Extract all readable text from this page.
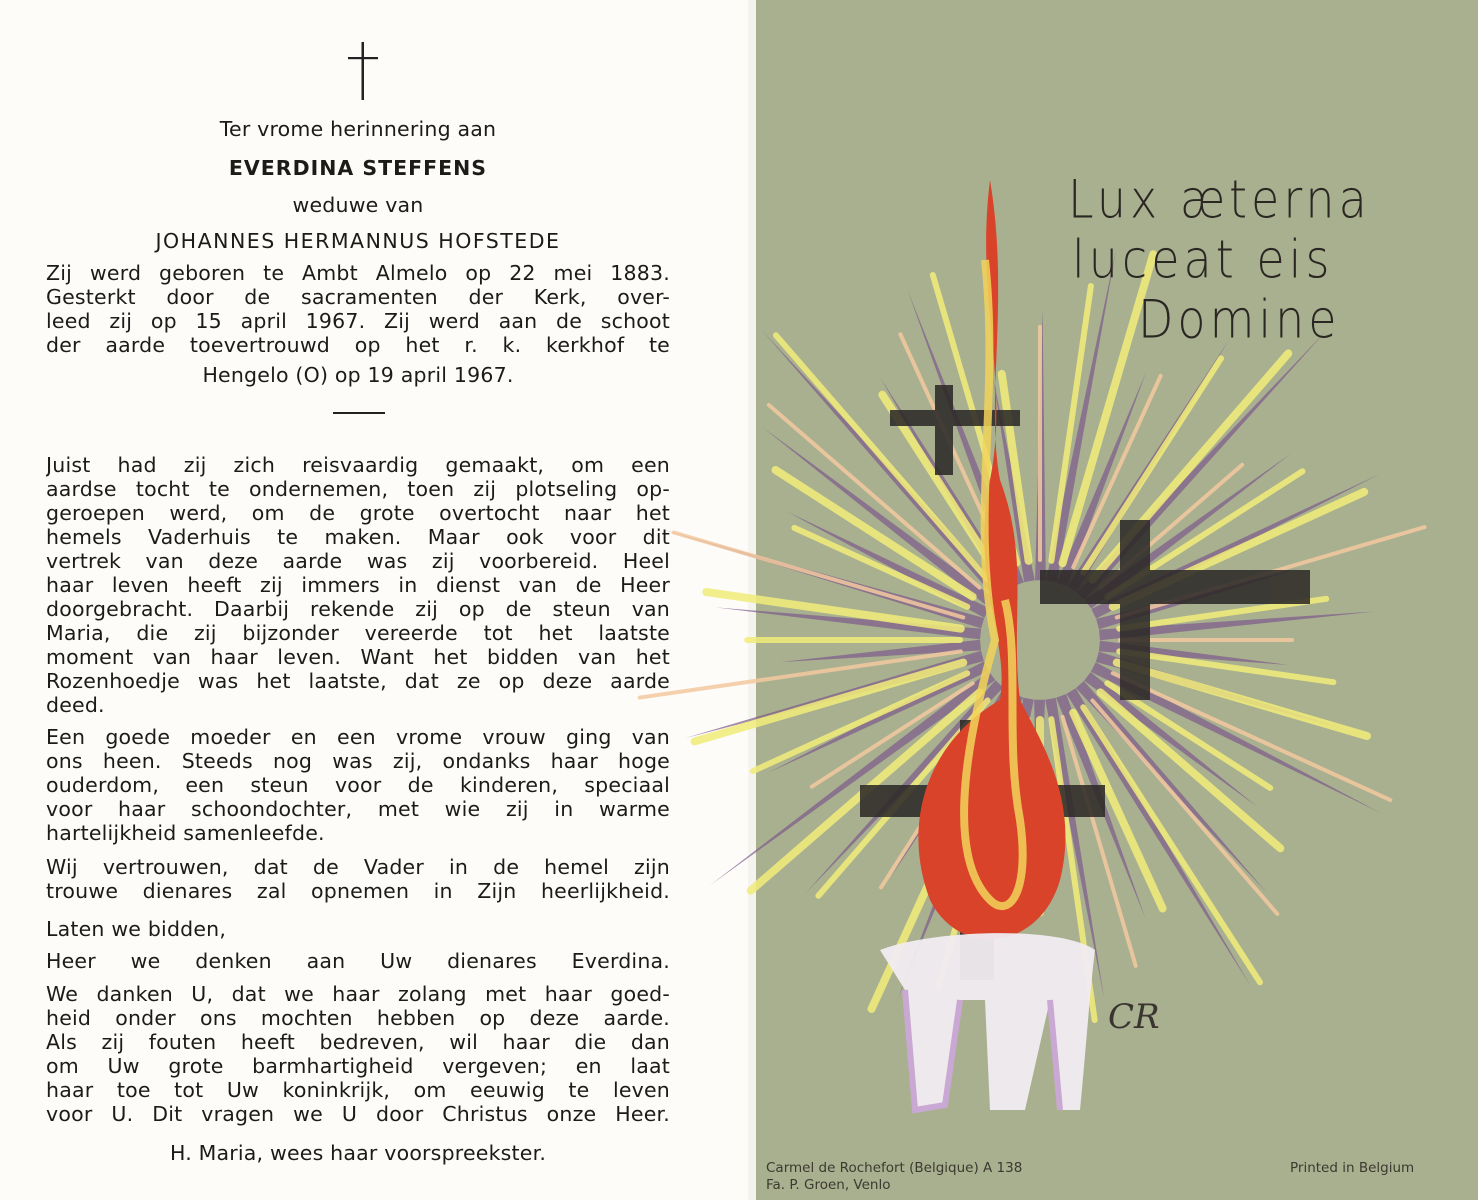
Ter vrome herinnering aan
EVERDINA STEFFENS
weduwe van
JOHANNES HERMANNUS HOFSTEDE
Zij werd geboren te Ambt Almelo op 22 mei 1883.
Gesterkt door de sacramenten der Kerk, over-
leed zij op 15 april 1967. Zij werd aan de schoot
der aarde toevertrouwd op het r. k. kerkhof te
Hengelo (O) op 19 april 1967.
Juist had zij zich reisvaardig gemaakt, om een
aardse tocht te ondernemen, toen zij plotseling op-
geroepen werd, om de grote overtocht naar het
hemels Vaderhuis te maken. Maar ook voor dit
vertrek van deze aarde was zij voorbereid. Heel
haar leven heeft zij immers in dienst van de Heer
doorgebracht. Daarbij rekende zij op de steun van
Maria, die zij bijzonder vereerde tot het laatste
moment van haar leven. Want het bidden van het
Rozenhoedje was het laatste, dat ze op deze aarde
deed.
Een goede moeder en een vrome vrouw ging van
ons heen. Steeds nog was zij, ondanks haar hoge
ouderdom, een steun voor de kinderen, speciaal
voor haar schoondochter, met wie zij in warme
hartelijkheid samenleefde.
Wij vertrouwen, dat de Vader in de hemel zijn
trouwe dienares zal opnemen in Zijn heerlijkheid.
Laten we bidden,
Heer we denken aan Uw dienares Everdina.
We danken U, dat we haar zolang met haar goed-
heid onder ons mochten hebben op deze aarde.
Als zij fouten heeft bedreven, wil haar die dan
om Uw grote barmhartigheid vergeven; en laat
haar toe tot Uw koninkrijk, om eeuwig te leven
voor U. Dit vragen we U door Christus onze Heer.
H. Maria, wees haar voorspreekster.
CR
Lux æterna
luceat eis
Domine
Carmel de Rochefort (Belgique) A 138
Fa. P. Groen, Venlo
Printed in Belgium
